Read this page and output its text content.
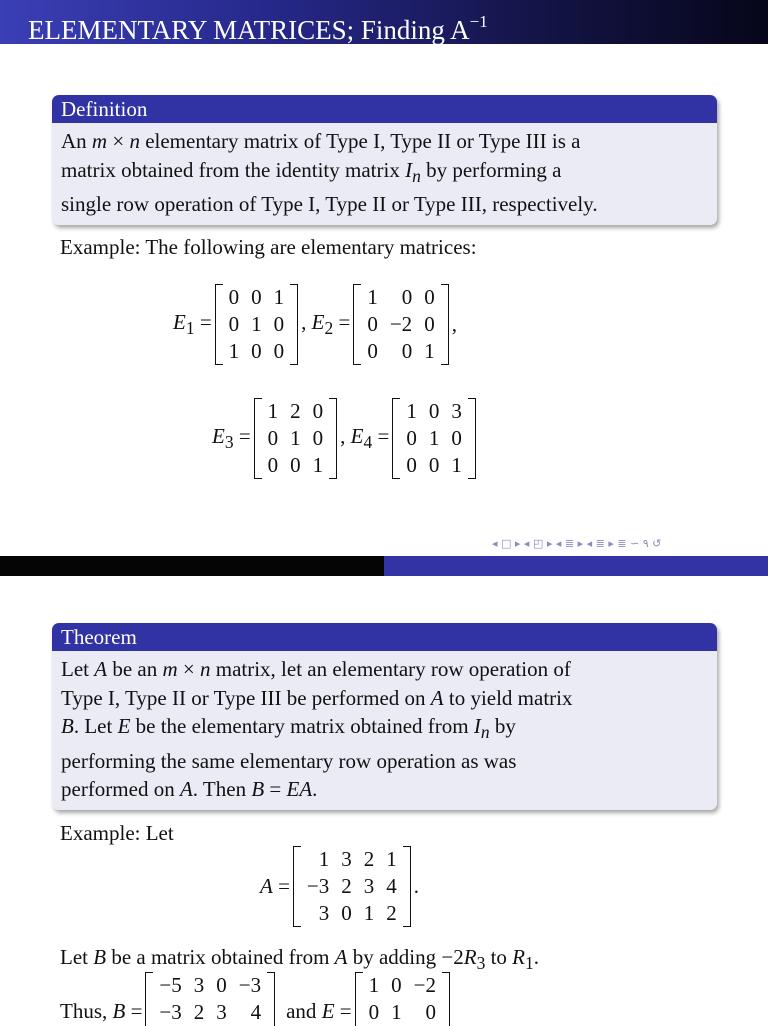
ELEMENTARY MATRICES; Finding $A^{-1}$
Definition
An m × n elementary matrix of Type I, Type II or Type III is a
matrix obtained from the identity matrix $I_n$ by performing a
single row operation of Type I, Type II or Type III, respectively.
Example: The following are elementary matrices:
$E_1$ =
0	0	1
0	1	0
1	0	0
, $E_2$ =
1	0	0
0	−2	0
0	0	1
,
$E_3$ =
1	2	0
0	1	0
0	0	1
, $E_4$ =
1	0	3
0	1	0
0	0	1
◂ □ ▸ ◂ ◰ ▸ ◂ ≣ ▸ ◂ ≣ ▸ ≣ ∽ ۹ ↺
Theorem
Let A be an m × n matrix, let an elementary row operation of
Type I, Type II or Type III be performed on A to yield matrix
B. Let E be the elementary matrix obtained from $I_n$ by
performing the same elementary row operation as was
performed on A. Then B = EA.
Example: Let
A =
1	3	2	1
−3	2	3	4
3	0	1	2
.
Let B be a matrix obtained from A by adding $-2R_3$ to $R_1$.
Thus, B =
−5	3	0	−3
−3	2	3	4 and E =
1	0	−2
0	1	0
